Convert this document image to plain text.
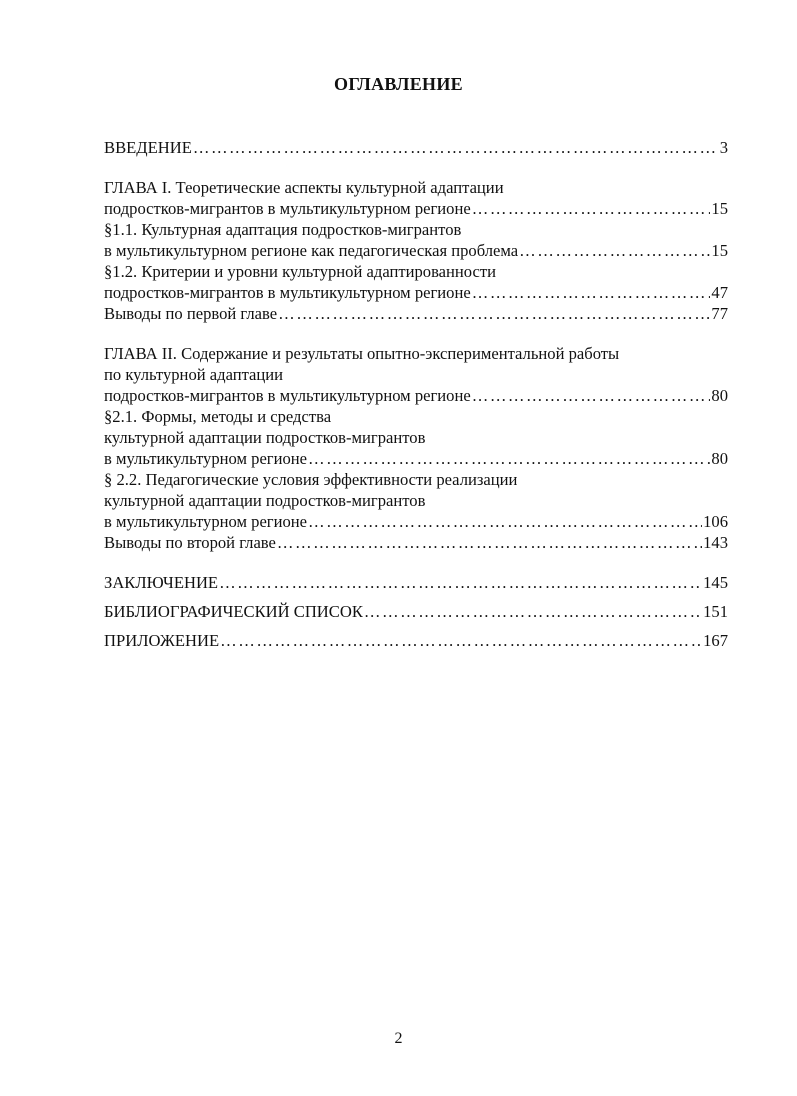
ОГЛАВЛЕНИЕ
ВВЕДЕНИЕ …………………………………………………………………………………………………………………………………………………………………………………………	3
ГЛАВА I. Теоретические аспекты культурной адаптации
подростков-мигрантов в мультикультурном регионе …………………………………………………………………………………………………………………………………………………………………………………………	15
§1.1. Культурная адаптация подростков-мигрантов
в мультикультурном регионе как педагогическая проблема …………………………………………………………………………………………………………………………………………………………………………………………	15
§1.2. Критерии и уровни культурной адаптированности
подростков-мигрантов в мультикультурном регионе …………………………………………………………………………………………………………………………………………………………………………………………	47
Выводы по первой главе …………………………………………………………………………………………………………………………………………………………………………………………	77
ГЛАВА II. Содержание и результаты опытно-экспериментальной работы
по культурной адаптации
подростков-мигрантов в мультикультурном регионе …………………………………………………………………………………………………………………………………………………………………………………………	80
§2.1. Формы, методы и средства
культурной адаптации подростков-мигрантов
в мультикультурном регионе …………………………………………………………………………………………………………………………………………………………………………………………	80
§ 2.2. Педагогические условия эффективности реализации
культурной адаптации подростков-мигрантов
в мультикультурном регионе …………………………………………………………………………………………………………………………………………………………………………………………	106
Выводы по второй главе …………………………………………………………………………………………………………………………………………………………………………………………	143
ЗАКЛЮЧЕНИЕ …………………………………………………………………………………………………………………………………………………………………………………………	145
БИБЛИОГРАФИЧЕСКИЙ СПИСОК …………………………………………………………………………………………………………………………………………………………………………………………	151
ПРИЛОЖЕНИЕ …………………………………………………………………………………………………………………………………………………………………………………………	167
2
